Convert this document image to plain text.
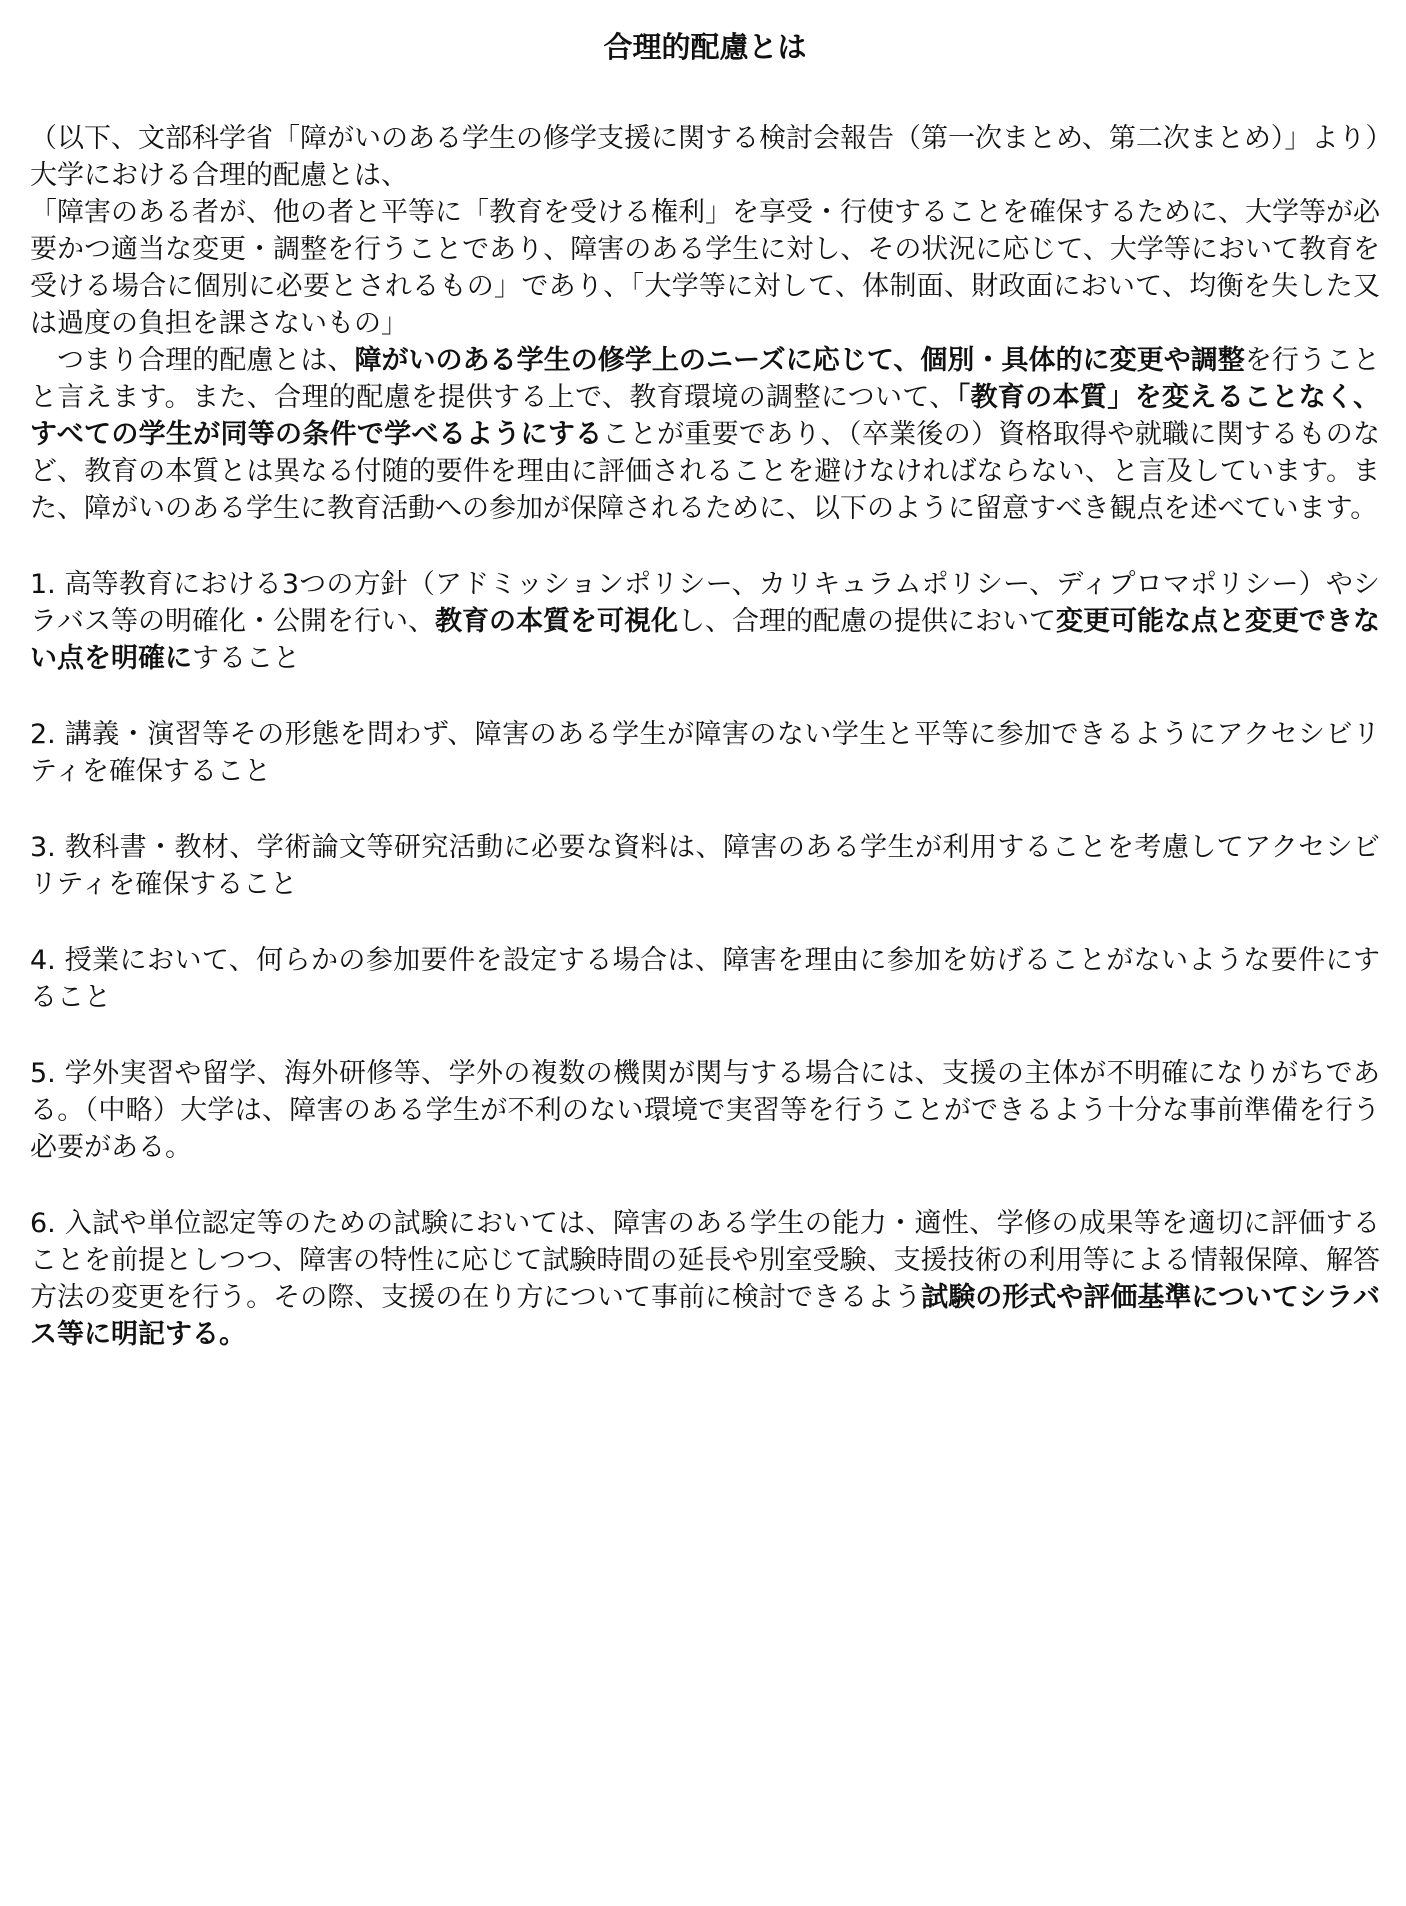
合理的配慮とは

（以下、文部科学省「障がいのある学生の修学支援に関する検討会報告（第一次まとめ、第二次まとめ）」より）

大学における合理的配慮とは、

「障害のある者が、他の者と平等に「教育を受ける権利」を享受・行使することを確保するために、大学等が必要かつ適当な変更・調整を行うことであり、障害のある学生に対し、その状況に応じて、大学等において教育を受ける場合に個別に必要とされるもの」であり、「大学等に対して、体制面、財政面において、均衡を失した又は過度の負担を課さないもの」

つまり合理的配慮とは、障がいのある学生の修学上のニーズに応じて、個別・具体的に変更や調整を行うことと言えます。また、合理的配慮を提供する上で、教育環境の調整について、「教育の本質」を変えることなく、すべての学生が同等の条件で学べるようにすることが重要であり、（卒業後の）資格取得や就職に関するものなど、教育の本質とは異なる付随的要件を理由に評価されることを避けなければならない、と言及しています。また、障がいのある学生に教育活動への参加が保障されるために、以下のように留意すべき観点を述べています。

1. 高等教育における3つの方針（アドミッションポリシー、カリキュラムポリシー、ディプロマポリシー）やシラバス等の明確化・公開を行い、教育の本質を可視化し、合理的配慮の提供において変更可能な点と変更できない点を明確にすること

2. 講義・演習等その形態を問わず、障害のある学生が障害のない学生と平等に参加できるようにアクセシビリティを確保すること

3. 教科書・教材、学術論文等研究活動に必要な資料は、障害のある学生が利用することを考慮してアクセシビリティを確保すること

4. 授業において、何らかの参加要件を設定する場合は、障害を理由に参加を妨げることがないような要件にすること

5. 学外実習や留学、海外研修等、学外の複数の機関が関与する場合には、支援の主体が不明確になりがちである。（中略）大学は、障害のある学生が不利のない環境で実習等を行うことができるよう十分な事前準備を行う必要がある。

6. 入試や単位認定等のための試験においては、障害のある学生の能力・適性、学修の成果等を適切に評価することを前提としつつ、障害の特性に応じて試験時間の延長や別室受験、支援技術の利用等による情報保障、解答方法の変更を行う。その際、支援の在り方について事前に検討できるよう試験の形式や評価基準についてシラバス等に明記する。
